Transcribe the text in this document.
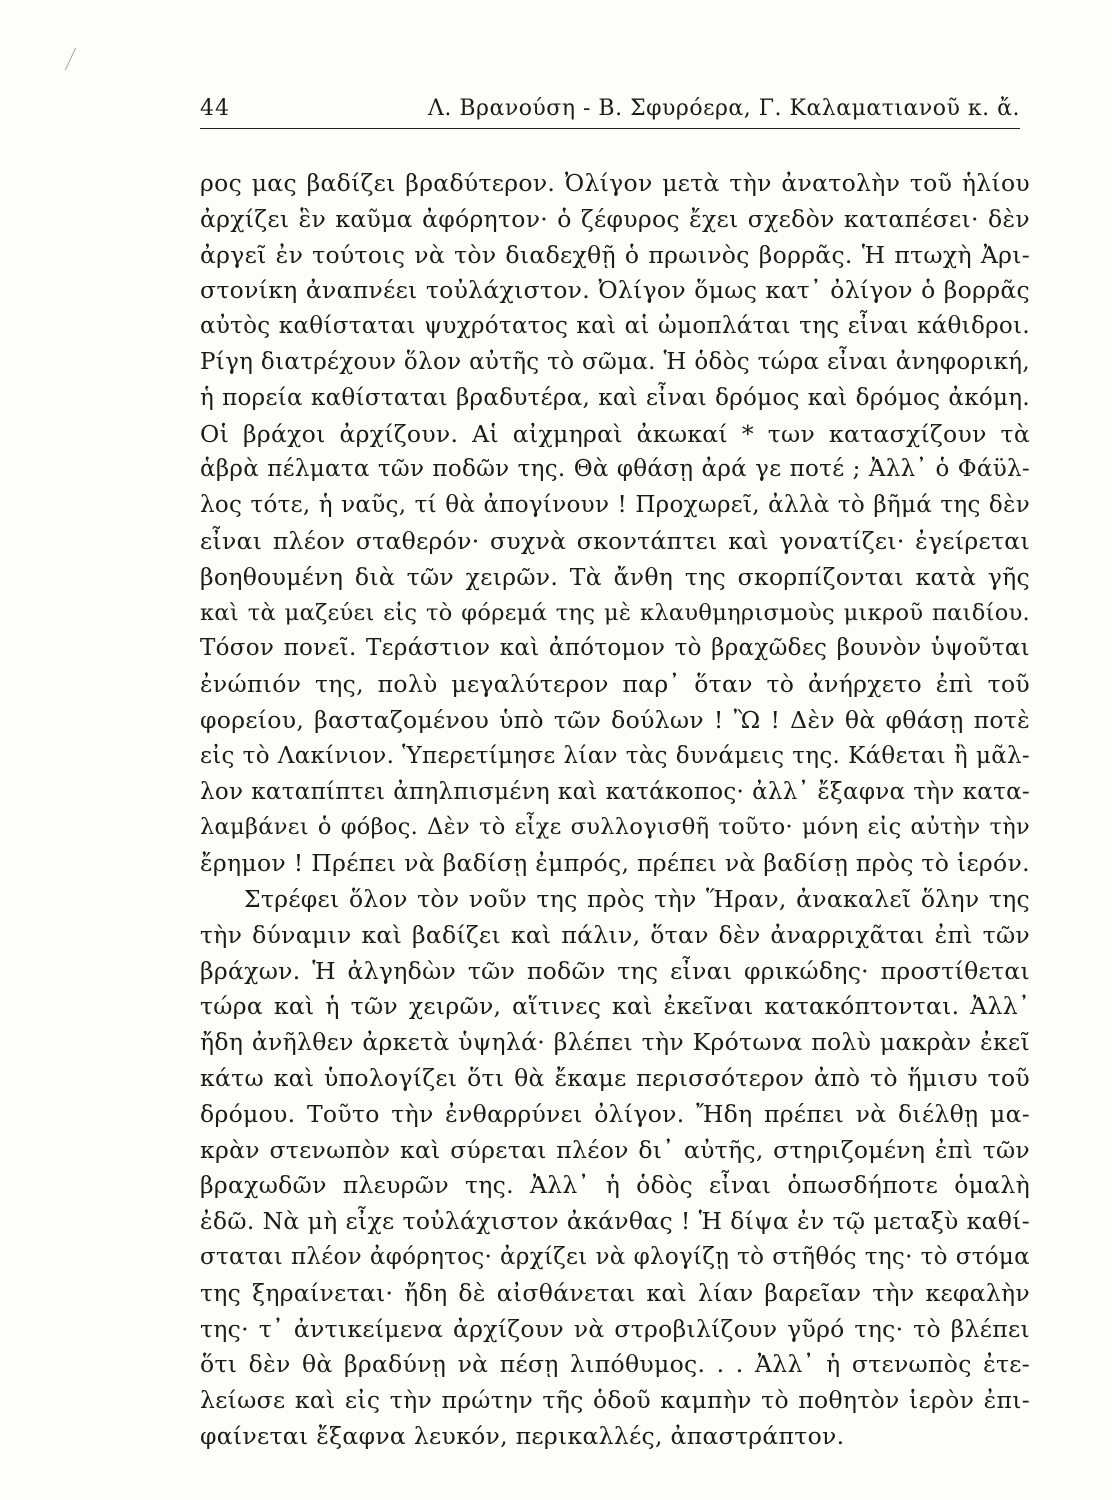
44	Λ. Βρανούση - Β. Σφυρόερα, Γ. Καλαματιανοῦ κ. ἄ.
ρος μας βαδίζει βραδύτερον. Ὀλίγον μετὰ τὴν ἀνατολὴν τοῦ ἡλίου
ἀρχίζει ἓν καῦμα ἀφόρητον· ὁ ζέφυρος ἔχει σχεδὸν καταπέσει· δὲν
ἀργεῖ ἐν τούτοις νὰ τὸν διαδεχθῇ ὁ πρωινὸς βορρᾶς. Ἡ πτωχὴ Ἀρι-
στονίκη ἀναπνέει τοὐλάχιστον. Ὀλίγον ὅμως κατ᾿ ὀλίγον ὁ βορρᾶς
αὐτὸς καθίσταται ψυχρότατος καὶ αἱ ὠμοπλάται της εἶναι κάθιδροι.
Ρίγη διατρέχουν ὅλον αὐτῆς τὸ σῶμα. Ἡ ὁδὸς τώρα εἶναι ἀνηφορική,
ἡ πορεία καθίσταται βραδυτέρα, καὶ εἶναι δρόμος καὶ δρόμος ἀκόμη.
Οἱ βράχοι ἀρχίζουν. Αἱ αἰχμηραὶ ἀκωκαί * των κατασχίζουν τὰ
ἁβρὰ πέλματα τῶν ποδῶν της. Θὰ φθάσῃ ἀρά γε ποτέ ; Ἀλλ᾿ ὁ Φάϋλ-
λος τότε, ἡ ναῦς, τί θὰ ἀπογίνουν ! Προχωρεῖ, ἀλλὰ τὸ βῆμά της δὲν
εἶναι πλέον σταθερόν· συχνὰ σκοντάπτει καὶ γονατίζει· ἐγείρεται
βοηθουμένη διὰ τῶν χειρῶν. Τὰ ἄνθη της σκορπίζονται κατὰ γῆς
καὶ τὰ μαζεύει εἰς τὸ φόρεμά της μὲ κλαυθμηρισμοὺς μικροῦ παιδίου.
Τόσον πονεῖ. Τεράστιον καὶ ἀπότομον τὸ βραχῶδες βουνὸν ὑψοῦται
ἐνώπιόν της, πολὺ μεγαλύτερον παρ᾿ ὅταν τὸ ἀνήρχετο ἐπὶ τοῦ
φορείου, βασταζομένου ὑπὸ τῶν δούλων ! Ὢ ! Δὲν θὰ φθάσῃ ποτὲ
εἰς τὸ Λακίνιον. Ὑπερετίμησε λίαν τὰς δυνάμεις της. Κάθεται ἢ μᾶλ-
λον καταπίπτει ἀπηλπισμένη καὶ κατάκοπος· ἀλλ᾿ ἔξαφνα τὴν κατα-
λαμβάνει ὁ φόβος. Δὲν τὸ εἶχε συλλογισθῆ τοῦτο· μόνη εἰς αὐτὴν τὴν
ἔρημον ! Πρέπει νὰ βαδίσῃ ἐμπρός, πρέπει νὰ βαδίσῃ πρὸς τὸ ἱερόν.
Στρέφει ὅλον τὸν νοῦν της πρὸς τὴν Ἥραν, ἀνακαλεῖ ὅλην της
τὴν δύναμιν καὶ βαδίζει καὶ πάλιν, ὅταν δὲν ἀναρριχᾶται ἐπὶ τῶν
βράχων. Ἡ ἀλγηδὼν τῶν ποδῶν της εἶναι φρικώδης· προστίθεται
τώρα καὶ ἡ τῶν χειρῶν, αἵτινες καὶ ἐκεῖναι κατακόπτονται. Ἀλλ᾿
ἤδη ἀνῆλθεν ἀρκετὰ ὑψηλά· βλέπει τὴν Κρότωνα πολὺ μακρὰν ἐκεῖ
κάτω καὶ ὑπολογίζει ὅτι θὰ ἔκαμε περισσότερον ἀπὸ τὸ ἥμισυ τοῦ
δρόμου. Τοῦτο τὴν ἐνθαρρύνει ὀλίγον. Ἤδη πρέπει νὰ διέλθῃ μα-
κρὰν στενωπὸν καὶ σύρεται πλέον δι᾿ αὐτῆς, στηριζομένη ἐπὶ τῶν
βραχωδῶν πλευρῶν της. Ἀλλ᾿ ἡ ὁδὸς εἶναι ὁπωσδήποτε ὁμαλὴ
ἐδῶ. Νὰ μὴ εἶχε τοὐλάχιστον ἀκάνθας ! Ἡ δίψα ἐν τῷ μεταξὺ καθί-
σταται πλέον ἀφόρητος· ἀρχίζει νὰ φλογίζῃ τὸ στῆθός της· τὸ στόμα
της ξηραίνεται· ἤδη δὲ αἰσθάνεται καὶ λίαν βαρεῖαν τὴν κεφαλὴν
της· τ᾿ ἀντικείμενα ἀρχίζουν νὰ στροβιλίζουν γῦρό της· τὸ βλέπει
ὅτι δὲν θὰ βραδύνῃ νὰ πέσῃ λιπόθυμος. . . Ἀλλ᾿ ἡ στενωπὸς ἐτε-
λείωσε καὶ εἰς τὴν πρώτην τῆς ὁδοῦ καμπὴν τὸ ποθητὸν ἱερὸν ἐπι-
φαίνεται ἔξαφνα λευκόν, περικαλλές, ἀπαστράπτον.
